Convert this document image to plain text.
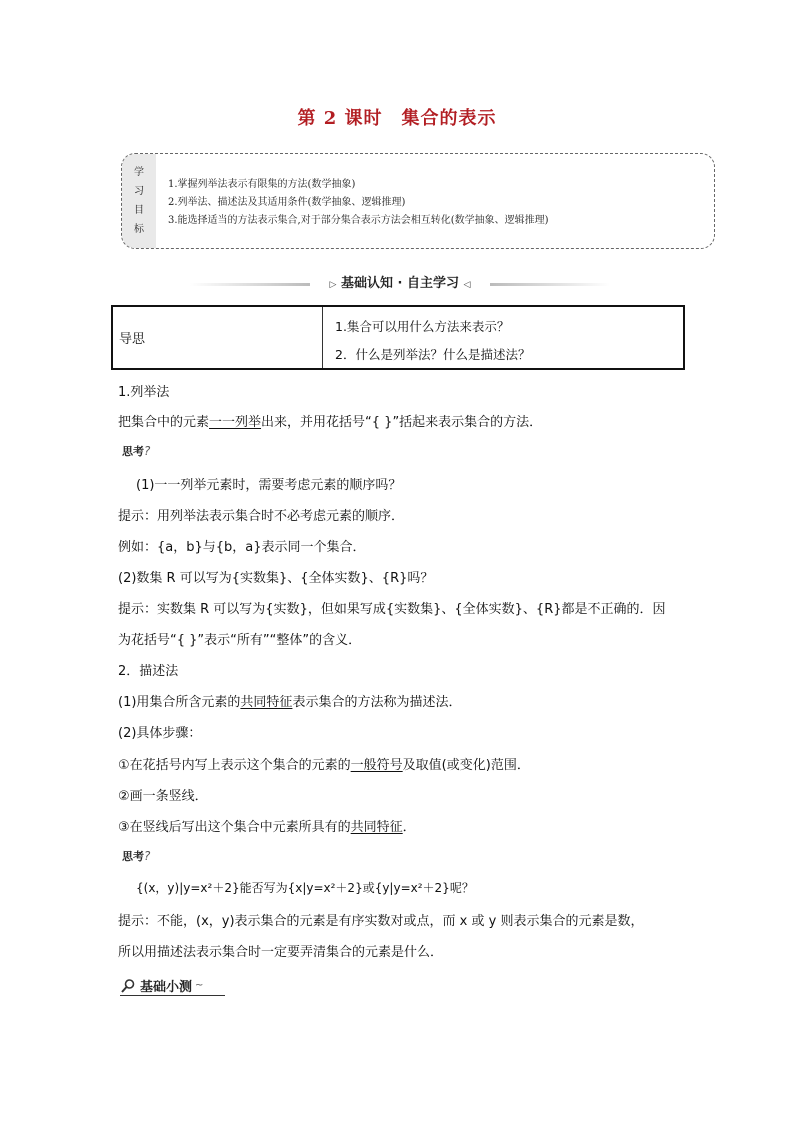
第 2 课时　集合的表示
学
习
目
标
1.掌握列举法表示有限集的方法(数学抽象)
2.列举法、描述法及其适用条件(数学抽象、逻辑推理)
3.能选择适当的方法表示集合,对于部分集合表示方法会相互转化(数学抽象、逻辑推理)
▷ 基础认知 · 自主学习 ◁
导思
1.集合可以用什么方法来表示？
2．什么是列举法？什么是描述法？
1.列举法
把集合中的元素一一列举出来，并用花括号“{ }”括起来表示集合的方法．
思考?
(1)一一列举元素时，需要考虑元素的顺序吗？
提示：用列举法表示集合时不必考虑元素的顺序．
例如：{a，b}与{b，a}表示同一个集合．
(2)数集 R 可以写为{实数集}、{全体实数}、{R}吗？
提示：实数集 R 可以写为{实数}，但如果写成{实数集}、{全体实数}、{R}都是不正确的．因
为花括号“{ }”表示“所有”“整体”的含义．
2．描述法
(1)用集合所含元素的共同特征表示集合的方法称为描述法．
(2)具体步骤：
①在花括号内写上表示这个集合的元素的一般符号及取值(或变化)范围．
②画一条竖线．
③在竖线后写出这个集合中元素所具有的共同特征．
思考?
{(x，y)|y=x²＋2}能否写为{x|y=x²＋2}或{y|y=x²＋2}呢？
提示：不能，(x，y)表示集合的元素是有序实数对或点，而 x 或 y 则表示集合的元素是数，
所以用描述法表示集合时一定要弄清集合的元素是什么．
基础小测 ~
